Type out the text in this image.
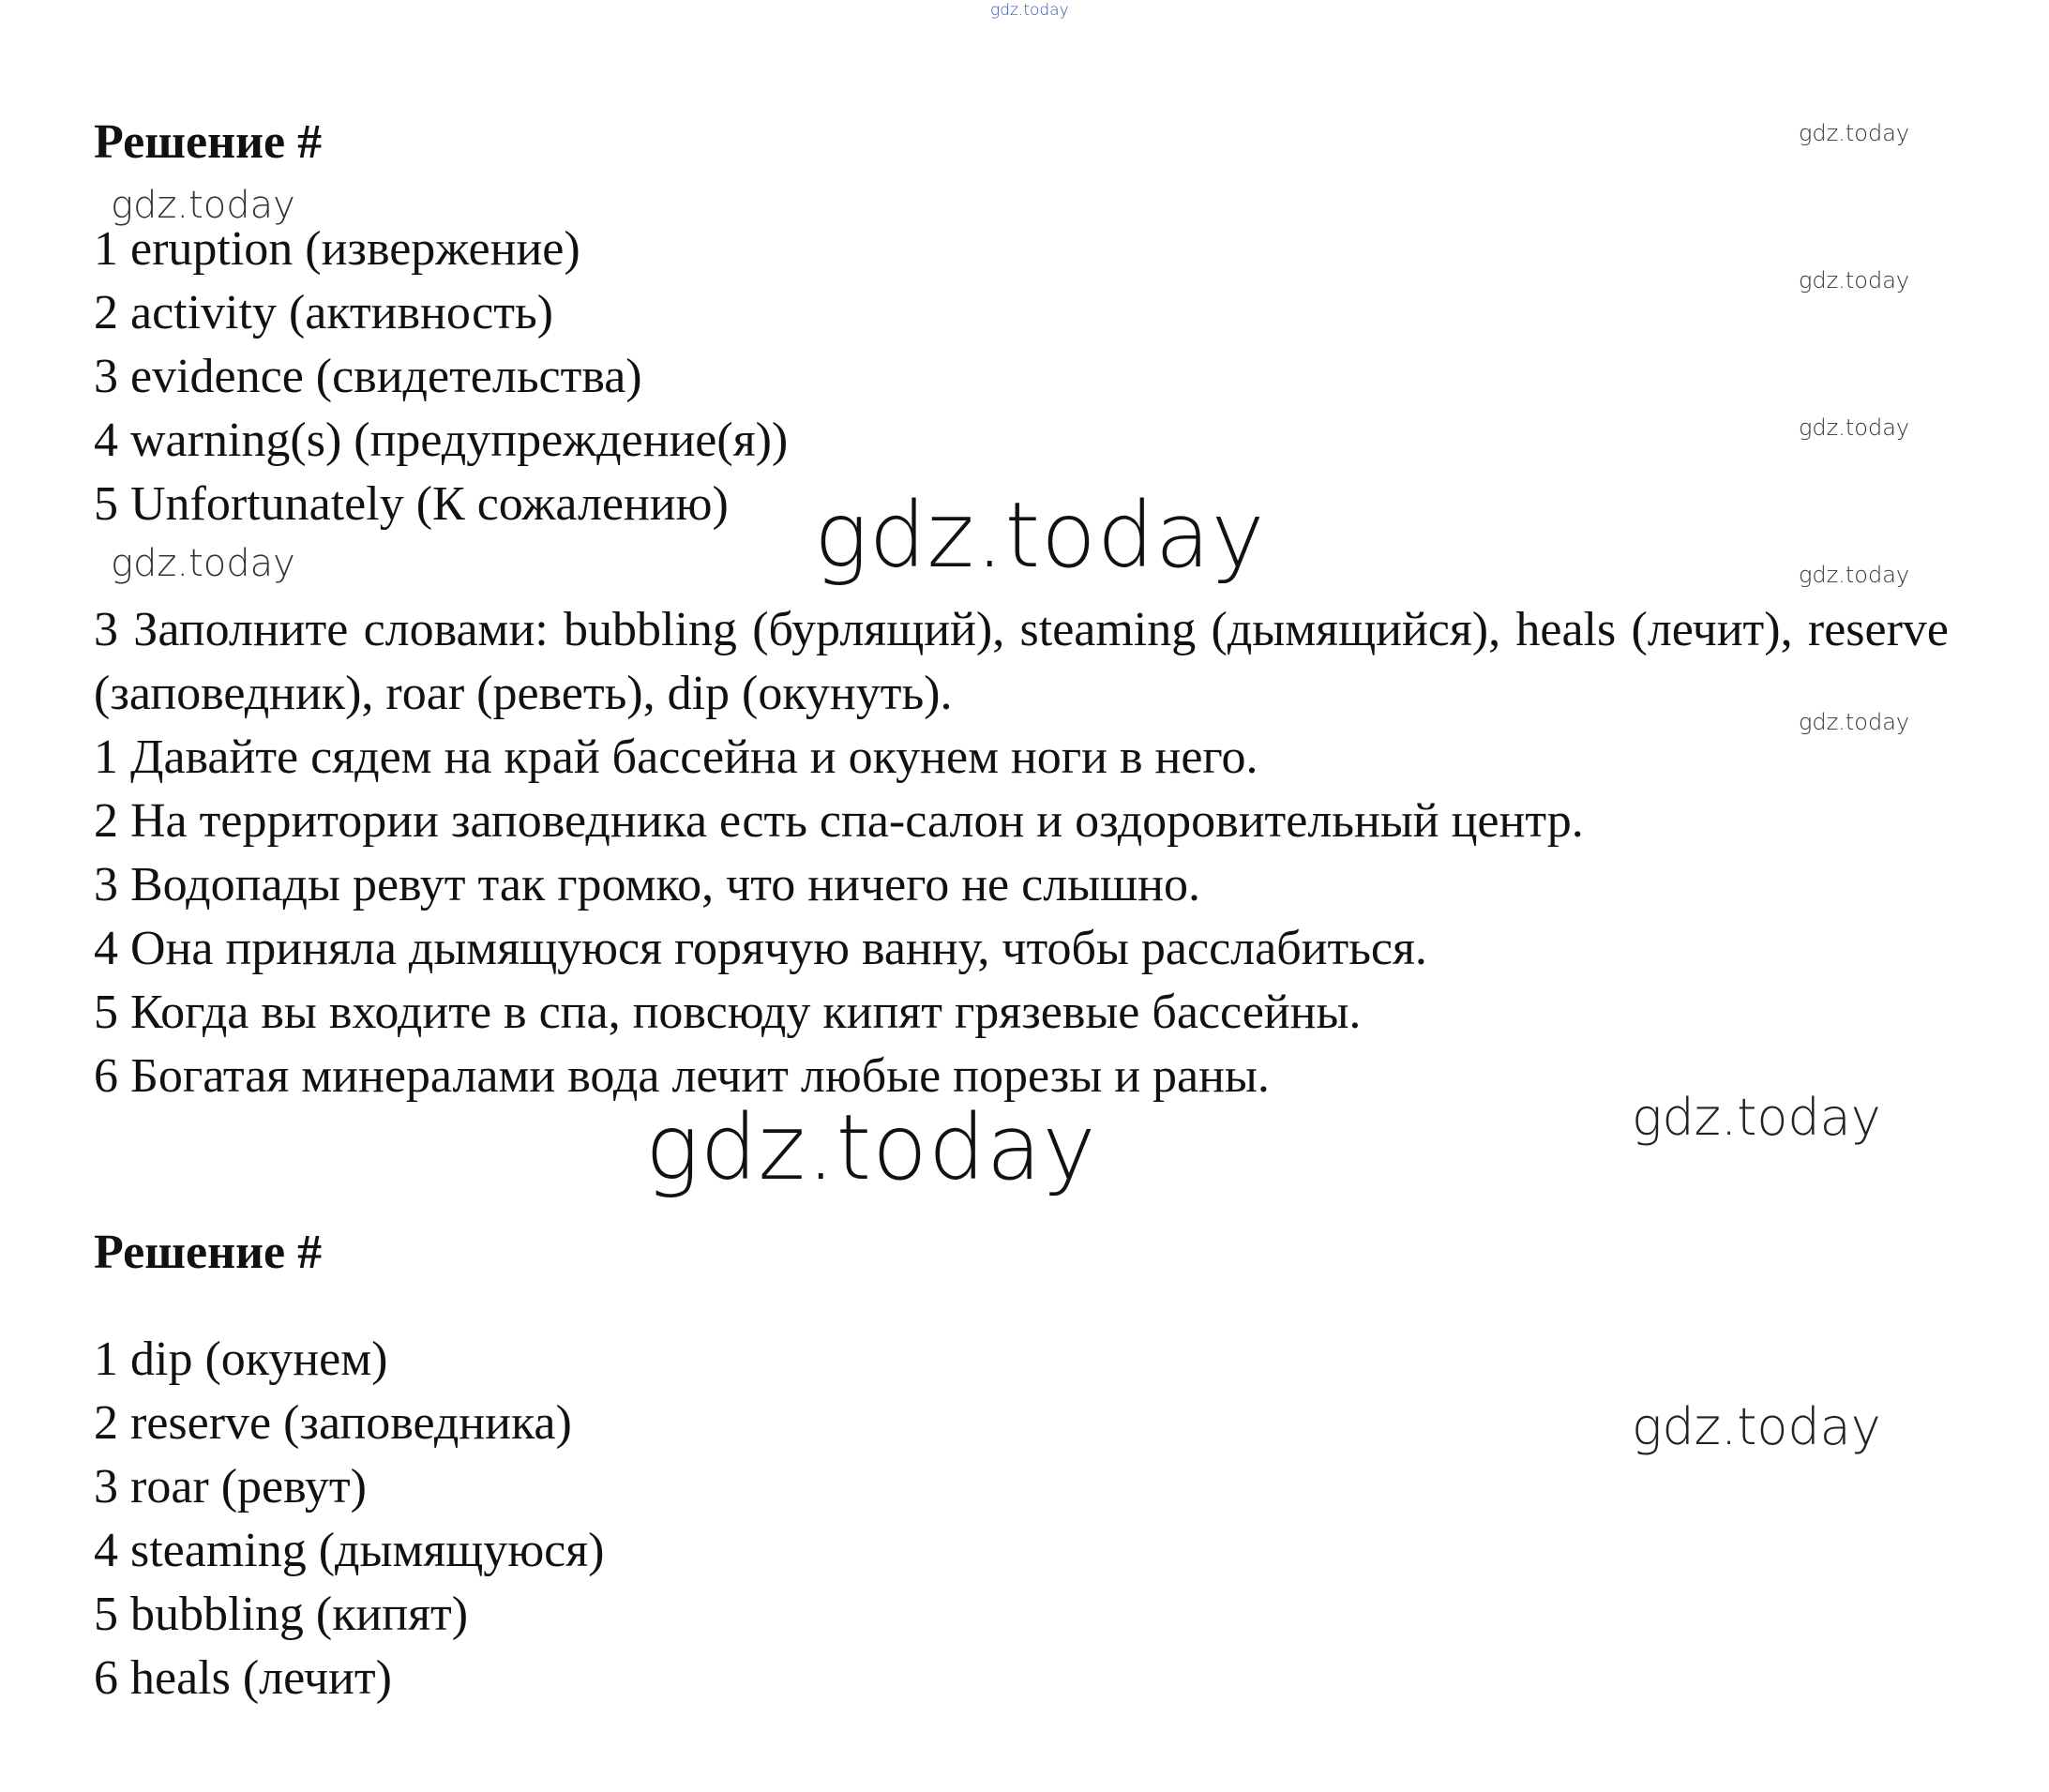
gdz.today
gdz.today
gdz.today
gdz.today
gdz.today
gdz.today
gdz.today
gdz.today	gdz.today
gdz.today	gdz.today
gdz.today
Решение #
1 eruption (извержение)
2 activity (активность)
3 evidence (свидетельства)
4 warning(s) (предупреждение(я))
5 Unfortunately (К сожалению)

3 Заполните словами: bubbling (бурлящий), steaming (дымящийся), heals (лечит), reserve (заповедник), roar (реветь), dip (окунуть).

1 Давайте сядем на край бассейна и окунем ноги в него.
2 На территории заповедника есть спа-салон и оздоровительный центр.
3 Водопады ревут так громко, что ничего не слышно.
4 Она приняла дымящуюся горячую ванну, чтобы расслабиться.
5 Когда вы входите в спа, повсюду кипят грязевые бассейны.
6 Богатая минералами вода лечит любые порезы и раны.
Решение #
1 dip (окунем)
2 reserve (заповедника)
3 roar (ревут)
4 steaming (дымящуюся)
5 bubbling (кипят)
6 heals (лечит)
